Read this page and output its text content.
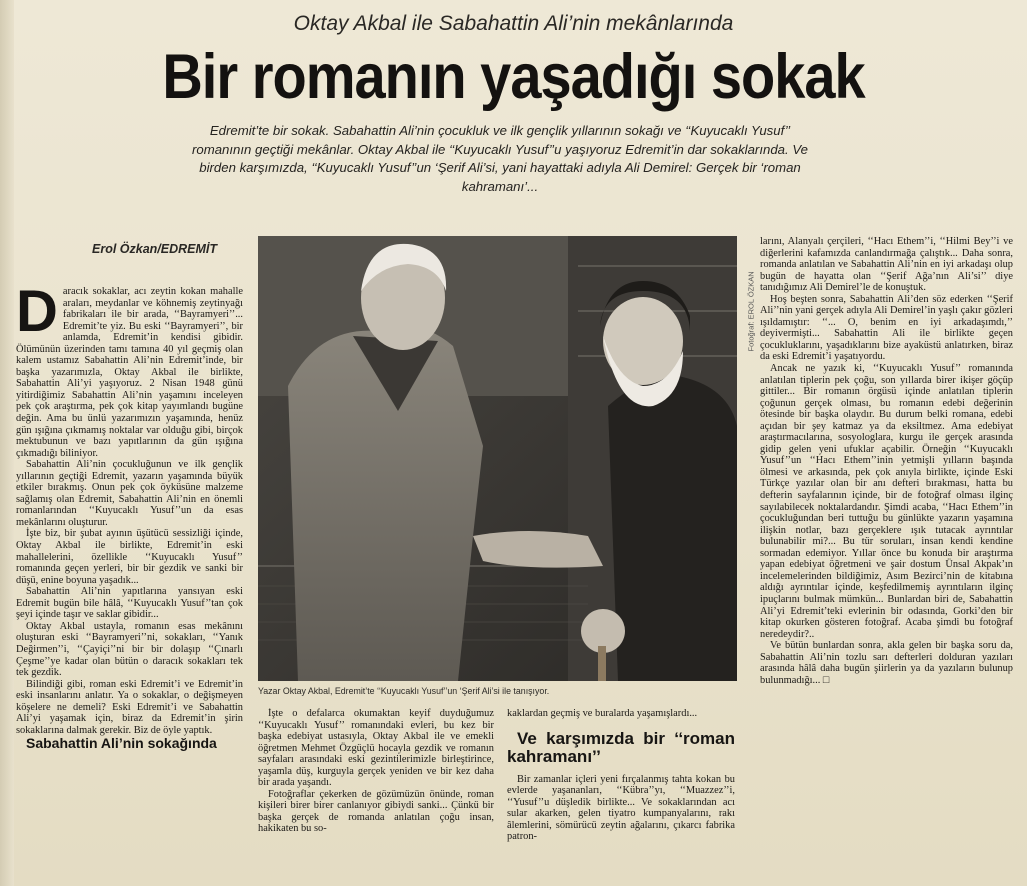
Oktay Akbal ile Sabahattin Ali’nin mekânlarında
Bir romanın yaşadığı sokak
Edremit’te bir sokak. Sabahattin Ali’nin çocukluk ve ilk gençlik yıllarının sokağı ve ‘‘Kuyucaklı Yusuf’’ romanının geçtiği mekânlar. Oktay Akbal ile ‘‘Kuyucaklı Yusuf’’u yaşıyoruz Edremit’in dar sokaklarında. Ve birden karşımızda, ‘‘Kuyucaklı Yusuf’’un ‘Şerif Ali’si, yani hayattaki adıyla Ali Demirel: Gerçek bir ‘roman kahramanı’...
Erol Özkan/EDREMİT

Daracık sokaklar, acı zeytin kokan mahalle araları, meydanlar ve köhnemiş zeytinyağı fabrikaları ile bir arada, ‘‘Bayramyeri’’... Edremit’te yiz. Bu eski ‘‘Bayramyeri’’, bir anlamda, Edremit’in kendisi gibidir. Ölümünün üzerinden tamı tamına 40 yıl geçmiş olan kalem ustamız Sabahattin Ali’nin Edremit’inde, bir başka yazarımızla, Oktay Akbal ile birlikte, Sabahattin Ali’yi yaşıyoruz. 2 Nisan 1948 günü yitirdiğimiz Sabahattin Ali’nin yaşamını inceleyen pek çok araştırma, pek çok kitap yayımlandı bugüne değin. Ama bu ünlü yazarımızın yaşamında, henüz gün ışığına çıkmamış noktalar var olduğu gibi, birçok mektubunun ve bazı yapıtlarının da gün ışığına çıkmadığı biliniyor.

Sabahattin Ali’nin çocukluğunun ve ilk gençlik yıllarının geçtiği Edremit, yazarın yaşamında büyük etkiler bırakmış. Onun pek çok öyküsüne malzeme sağlamış olan Edremit, Sabahattin Ali’nin en önemli romanlarından ‘‘Kuyucaklı Yusuf’’un da esas mekânlarını oluşturur.

İşte biz, bir şubat ayının üşütücü sessizliği içinde, Oktay Akbal ile birlikte, Edremit’in eski mahallelerini, özellikle ‘‘Kuyucaklı Yusuf’’ romanında geçen yerleri, bir bir gezdik ve sanki bir düşü, enine boyuna yaşadık...

Sabahattin Ali’nin yapıtlarına yansıyan eski Edremit bugün bile hâlâ, ‘‘Kuyucaklı Yusuf’’tan çok şeyi içinde taşır ve saklar gibidir...

Oktay Akbal ustayla, romanın esas mekânını oluşturan eski ‘‘Bayramyeri’’ni, sokakları, ‘‘Yanık Değirmen’’i, ‘‘Çayiçi’’ni bir bir dolaşıp ‘‘Çınarlı Çeşme’’ye kadar olan bütün o daracık sokakları tek tek gezdik.

Bilindiği gibi, roman eski Edremit’i ve Edremit’in eski insanlarını anlatır. Ya o sokaklar, o değişmeyen köşelere ne demeli? Eski Edremit’i ve Sabahattin Ali’yi yaşamak için, biraz da Edremit’in şirin sokaklarına dalmak gerekir. Biz de öyle yaptık.

Sabahattin Ali’nin sokağında

Yazar Oktay Akbal, Edremit’te ‘‘Kuyucaklı Yusuf’’un ‘Şerif Ali’si ile tanışıyor.
Fotoğraf: EROL ÖZKAN

İşte o defalarca okumaktan keyif duyduğumuz ‘‘Kuyucaklı Yusuf’’ romanındaki evleri, bu kez bir başka edebiyat ustasıyla, Oktay Akbal ile ve emekli öğretmen Mehmet Özgüçlü hocayla gezdik ve romanın sayfaları arasındaki eski gezintilerimizle birleştirince, yaşamla düş, kurguyla gerçek yeniden ve bir kez daha bir arada yaşandı.

Fotoğraflar çekerken de gözümüzün önünde, roman kişileri birer birer canlanıyor gibiydi sanki... Çünkü bir başka gerçek de romanda anlatılan çoğu insan, hakikaten bu so-

kaklardan geçmiş ve buralarda yaşamışlardı...

Ve karşımızda bir ‘‘roman kahramanı’’

Bir zamanlar içleri yeni fırçalanmış tahta kokan bu evlerde yaşananları, ‘‘Kübra’’yı, ‘‘Muazzez’’i, ‘‘Yusuf’’u düşledik birlikte... Ve sokaklarından acı sular akarken, gelen tiyatro kumpanyalarını, rakı âlemlerini, sömürücü zeytin ağalarını, çıkarcı fabrika patron-

larını, Alanyalı çerçileri, ‘‘Hacı Ethem’’i, ‘‘Hilmi Bey’’i ve diğerlerini kafamızda canlandırmağa çalıştık... Daha sonra, romanda anlatılan ve Sabahattin Ali’nin en iyi arkadaşı olup bugün de hayatta olan ‘‘Şerif Ağa’nın Ali’si’’ diye tanıdığımız Ali Demirel’le de konuştuk.

Hoş beşten sonra, Sabahattin Ali’den söz ederken ‘‘Şerif Ali’’nin yani gerçek adıyla Ali Demirel’in yaşlı çakır gözleri ışıldamıştır: ‘‘... O, benim en iyi arkadaşımdı,’’ deyivermişti... Sabahattin Ali ile birlikte geçen çocukluklarını, yaşadıklarını bize ayaküstü anlatırken, biraz da eski Edremit’i yaşatıyordu.

Ancak ne yazık ki, ‘‘Kuyucaklı Yusuf’’ romanında anlatılan tiplerin pek çoğu, son yıllarda birer ikişer göçüp gittiler... Bir romanın örgüsü içinde anlatılan tiplerin çoğunun gerçek olması, bu romanın edebi değerinin ötesinde bir başka olaydır. Bu durum belki romana, edebi açıdan bir şey katmaz ya da eksiltmez. Ama edebiyat araştırmacılarına, sosyologlara, kurgu ile gerçek arasında gidip gelen yeni ufuklar açabilir. Örneğin ‘‘Kuyucaklı Yusuf’’un ‘‘Hacı Ethem’’inin yetmişli yılların başında ölmesi ve arkasında, pek çok anıyla birlikte, içinde Eski Türkçe yazılar olan bir anı defteri bırakması, hatta bu defterin sayfalarının içinde, bir de fotoğraf olması ilginç sayılabilecek noktalardandır. Şimdi acaba, ‘‘Hacı Ethem’’in çocukluğundan beri tuttuğu bu günlükte yazarın yaşamına ilişkin notlar, bazı gerçeklere ışık tutacak ayrıntılar bulunabilir mi?... Bu tür soruları, insan kendi kendine sormadan edemiyor. Yıllar önce bu konuda bir araştırma yapan edebiyat öğretmeni ve şair dostum Ünsal Akpak’ın incelemelerinden bildiğimiz, Asım Bezirci’nin de kitabına aldığı ayrıntılar içinde, keşfedilmemiş ayrıntıların ilginç ipuçlarını bulmak mümkün... Bunlardan biri de, Sabahattin Ali’yi Edremit’teki evlerinin bir odasında, Gorki’den bir kitap okurken gösteren fotoğraf. Acaba şimdi bu fotoğraf neredeydir?..

Ve bütün bunlardan sonra, akla gelen bir başka soru da, Sabahattin Ali’nin tozlu sarı defterleri dolduran yazıları arasında hâlâ daha bugün şiirlerin ya da yazıların bulunup bulunmadığı... □
